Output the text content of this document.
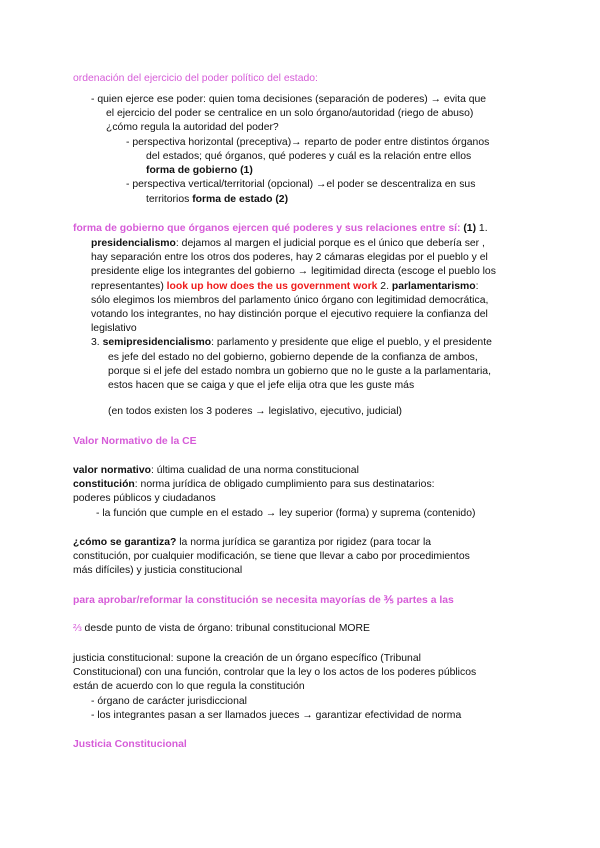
ordenación del ejercicio del poder político del estado:
- quien ejerce ese poder: quien toma decisiones (separación de poderes) → evita que
el ejercicio del poder se centralice en un solo órgano/autoridad (riego de abuso)
¿cómo regula la autoridad del poder?
- perspectiva horizontal (preceptiva)→ reparto de poder entre distintos órganos
del estados; qué órganos, qué poderes y cuál es la relación entre ellos
forma de gobierno (1)
- perspectiva vertical/territorial (opcional) →el poder se descentraliza en sus
territorios forma de estado (2)
forma de gobierno que órganos ejercen qué poderes y sus relaciones entre sí: (1) 1.
presidencialismo: dejamos al margen el judicial porque es el único que debería ser ,
hay separación entre los otros dos poderes, hay 2 cámaras elegidas por el pueblo y el
presidente elige los integrantes del gobierno → legitimidad directa (escoge el pueblo los
representantes) look up how does the us government work 2. parlamentarismo:
sólo elegimos los miembros del parlamento único órgano con legitimidad democrática,
votando los integrantes, no hay distinción porque el ejecutivo requiere la confianza del
legislativo
3. semipresidencialismo: parlamento y presidente que elige el pueblo, y el presidente
es jefe del estado no del gobierno, gobierno depende de la confianza de ambos,
porque si el jefe del estado nombra un gobierno que no le guste a la parlamentaria,
estos hacen que se caiga y que el jefe elija otra que les guste más
(en todos existen los 3 poderes → legislativo, ejecutivo, judicial)
Valor Normativo de la CE
valor normativo: última cualidad de una norma constitucional
constitución: norma jurídica de obligado cumplimiento para sus destinatarios:
poderes públicos y ciudadanos
- la función que cumple en el estado → ley superior (forma) y suprema (contenido)
¿cómo se garantiza? la norma jurídica se garantiza por rigidez (para tocar la
constitución, por cualquier modificación, se tiene que llevar a cabo por procedimientos
más difíciles) y justicia constitucional
para aprobar/reformar la constitución se necesita mayorías de ⅗ partes a las
⅔ desde punto de vista de órgano: tribunal constitucional MORE
justicia constitucional: supone la creación de un órgano específico (Tribunal
Constitucional) con una función, controlar que la ley o los actos de los poderes públicos
están de acuerdo con lo que regula la constitución
- órgano de carácter jurisdiccional
- los integrantes pasan a ser llamados jueces → garantizar efectividad de norma
Justicia Constitucional
